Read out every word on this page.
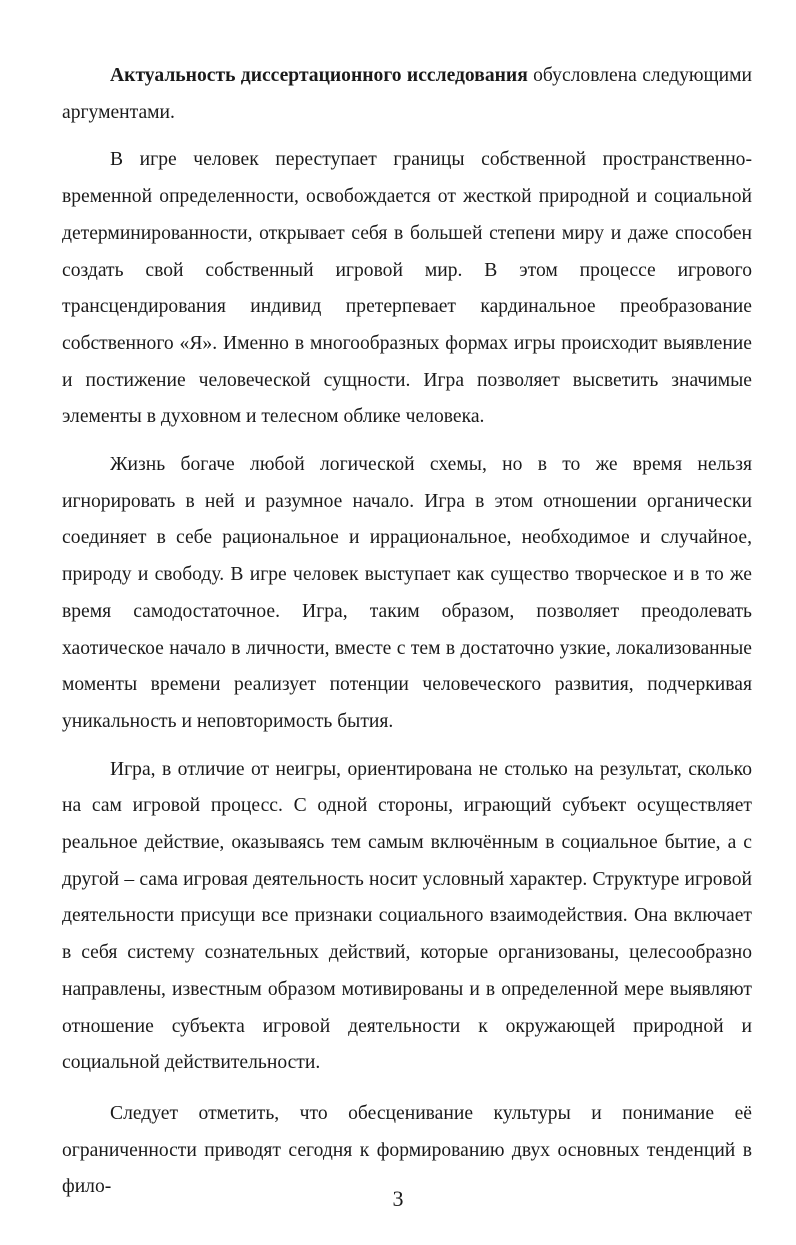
Актуальность диссертационного исследования обусловлена следующими аргументами.

В игре человек переступает границы собственной пространственно-временной определенности, освобождается от жесткой природной и социальной детерминированности, открывает себя в большей степени миру и даже способен создать свой собственный игровой мир. В этом процессе игрового трансцендирования индивид претерпевает кардинальное преобразование собственного «Я». Именно в многообразных формах игры происходит выявление и постижение человеческой сущности. Игра позволяет высветить значимые элементы в духовном и телесном облике человека.

Жизнь богаче любой логической схемы, но в то же время нельзя игнорировать в ней и разумное начало. Игра в этом отношении органически соединяет в себе рациональное и иррациональное, необходимое и случайное, природу и свободу. В игре человек выступает как существо творческое и в то же время самодостаточное. Игра, таким образом, позволяет преодолевать хаотическое начало в личности, вместе с тем в достаточно узкие, локализованные моменты времени реализует потенции человеческого развития, подчеркивая уникальность и неповторимость бытия.

Игра, в отличие от неигры, ориентирована не столько на результат, сколько на сам игровой процесс. С одной стороны, играющий субъект осуществляет реальное действие, оказываясь тем самым включённым в социальное бытие, а с другой – сама игровая деятельность носит условный характер. Структуре игровой деятельности присущи все признаки социального взаимодействия. Она включает в себя систему сознательных действий, которые организованы, целесообразно направлены, известным образом мотивированы и в определенной мере выявляют отношение субъекта игровой деятельности к окружающей природной и социальной действительности.

Следует отметить, что обесценивание культуры и понимание её ограниченности приводят сегодня к формированию двух основных тенденций в фило-	3
